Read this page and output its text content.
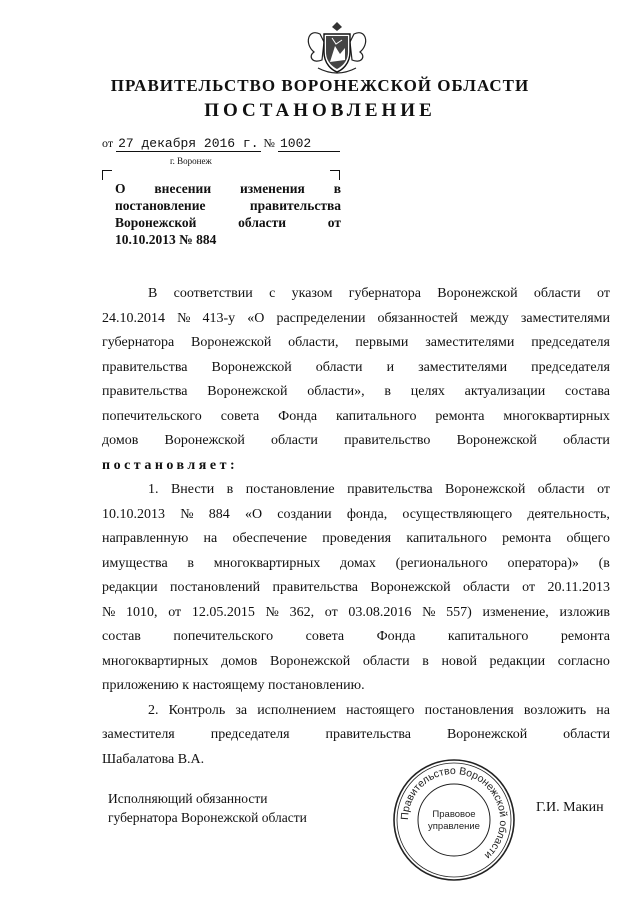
ПРАВИТЕЛЬСТВО ВОРОНЕЖСКОЙ ОБЛАСТИ
ПОСТАНОВЛЕНИЕ
от 27 декабря 2016 г. № 1002
г. Воронеж
О внесении изменения в
постановление	правительства
Воронежской	области	от
10.10.2013 № 884
В соответствии с указом губернатора Воронежской области от
24.10.2014 № 413-у «О распределении обязанностей между заместителями
губернатора Воронежской области, первыми заместителями председателя
правительства Воронежской области и заместителями председателя
правительства Воронежской области», в целях актуализации состава
попечительского совета Фонда капитального ремонта многоквартирных
домов Воронежской области правительство Воронежской области
постановляет:
1. Внести в постановление правительства Воронежской области от
10.10.2013 № 884 «О создании фонда, осуществляющего деятельность,
направленную на обеспечение проведения капитального ремонта общего
имущества в многоквартирных домах (регионального оператора)» (в
редакции постановлений правительства Воронежской области от 20.11.2013
№ 1010, от 12.05.2015 № 362, от 03.08.2016 № 557) изменение, изложив
состав попечительского совета Фонда капитального ремонта
многоквартирных домов Воронежской области в новой редакции согласно
приложению к настоящему постановлению.
2. Контроль за исполнением настоящего постановления возложить на
заместителя	председателя	правительства	Воронежской	области
Шабалатова В.А.
Исполняющий обязанности
губернатора Воронежской области	Правительство Воронежской области
Правовое
управление
Г.И. Макин
